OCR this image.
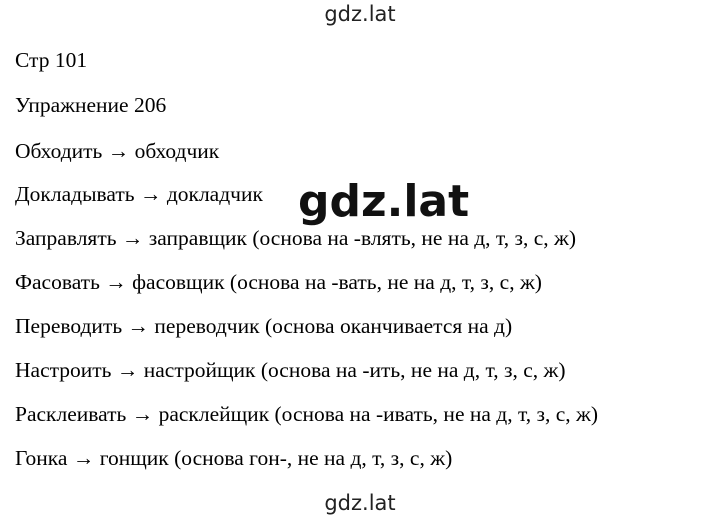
gdz.lat
Стр 101
Упражнение 206
Обходить → обходчик
Докладывать → докладчик
Заправлять → заправщик (основа на -влять, не на д, т, з, с, ж)
Фасовать → фасовщик (основа на -вать, не на д, т, з, с, ж)
Переводить → переводчик (основа оканчивается на д)
Настроить → настройщик (основа на -ить, не на д, т, з, с, ж)
Расклеивать → расклейщик (основа на -ивать, не на д, т, з, с, ж)
Гонка → гонщик (основа гон-, не на д, т, з, с, ж)
gdz.lat
gdz.lat
